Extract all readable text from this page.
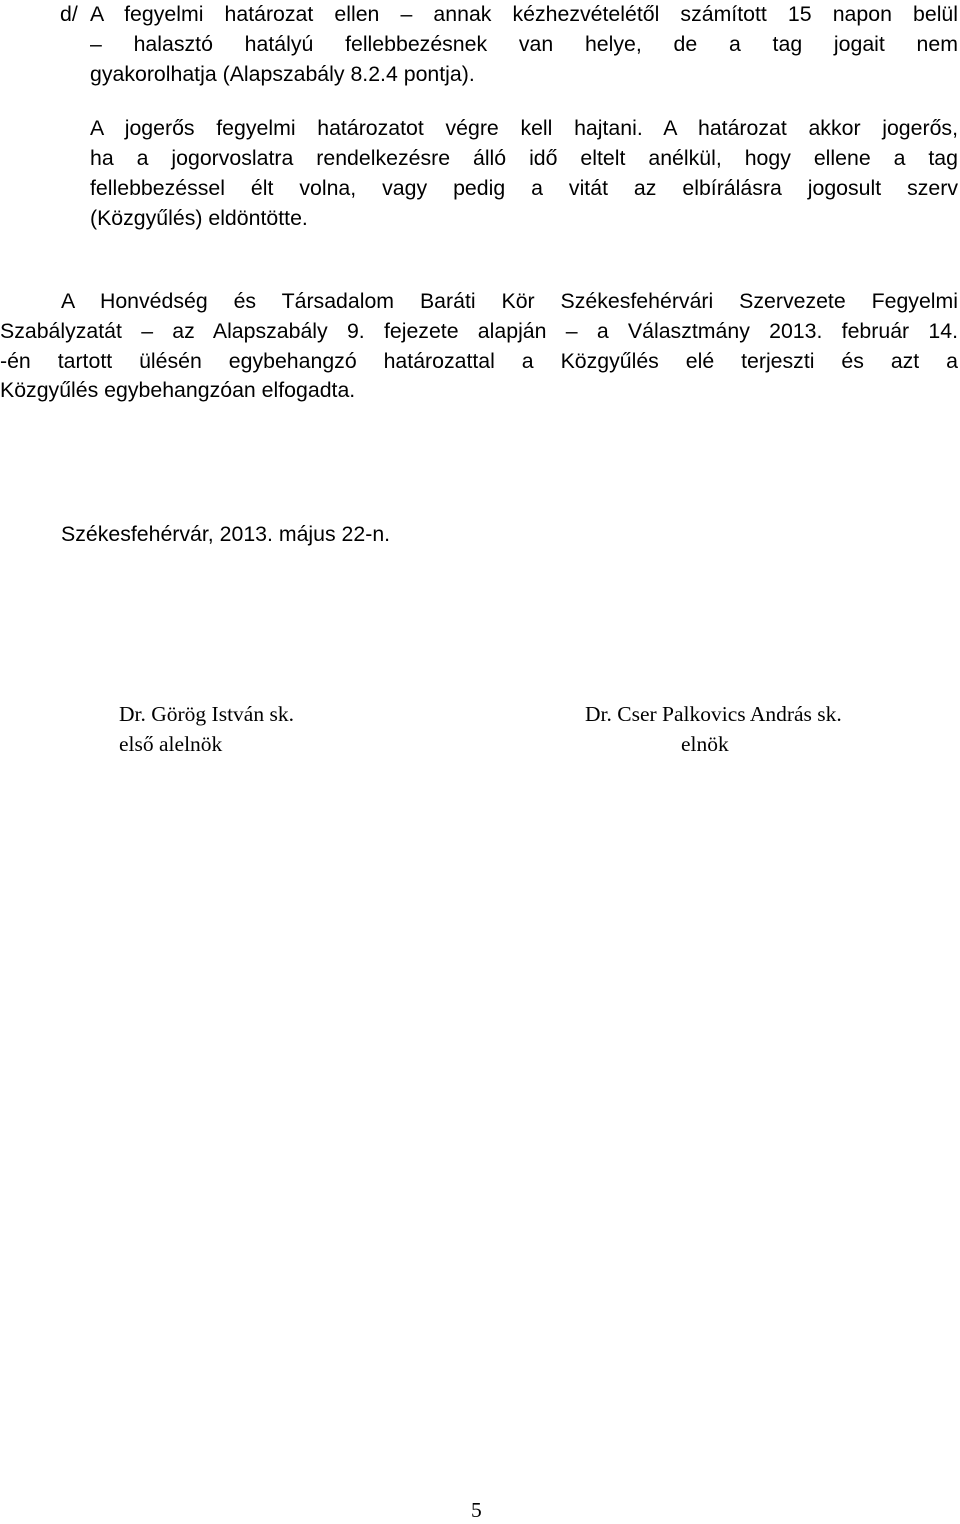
d/ A fegyelmi határozat ellen – annak kézhezvételétől számított 15 napon belül
– halasztó hatályú fellebbezésnek van helye, de a tag jogait nem
gyakorolhatja (Alapszabály 8.2.4 pontja).
A jogerős fegyelmi határozatot végre kell hajtani. A határozat akkor jogerős,
ha a jogorvoslatra rendelkezésre álló idő eltelt anélkül, hogy ellene a tag
fellebbezéssel élt volna, vagy pedig a vitát az elbírálásra jogosult szerv
(Közgyűlés) eldöntötte.
A Honvédség és Társadalom Baráti Kör Székesfehérvári Szervezete Fegyelmi
Szabályzatát – az Alapszabály 9. fejezete alapján – a Választmány 2013. február 14.
-én tartott ülésén egybehangzó határozattal a Közgyűlés elé terjeszti és azt a
Közgyűlés egybehangzóan elfogadta.
Székesfehérvár, 2013. május 22-n.
Dr. Görög István sk.
első alelnök
Dr. Cser Palkovics András sk.
elnök
5
